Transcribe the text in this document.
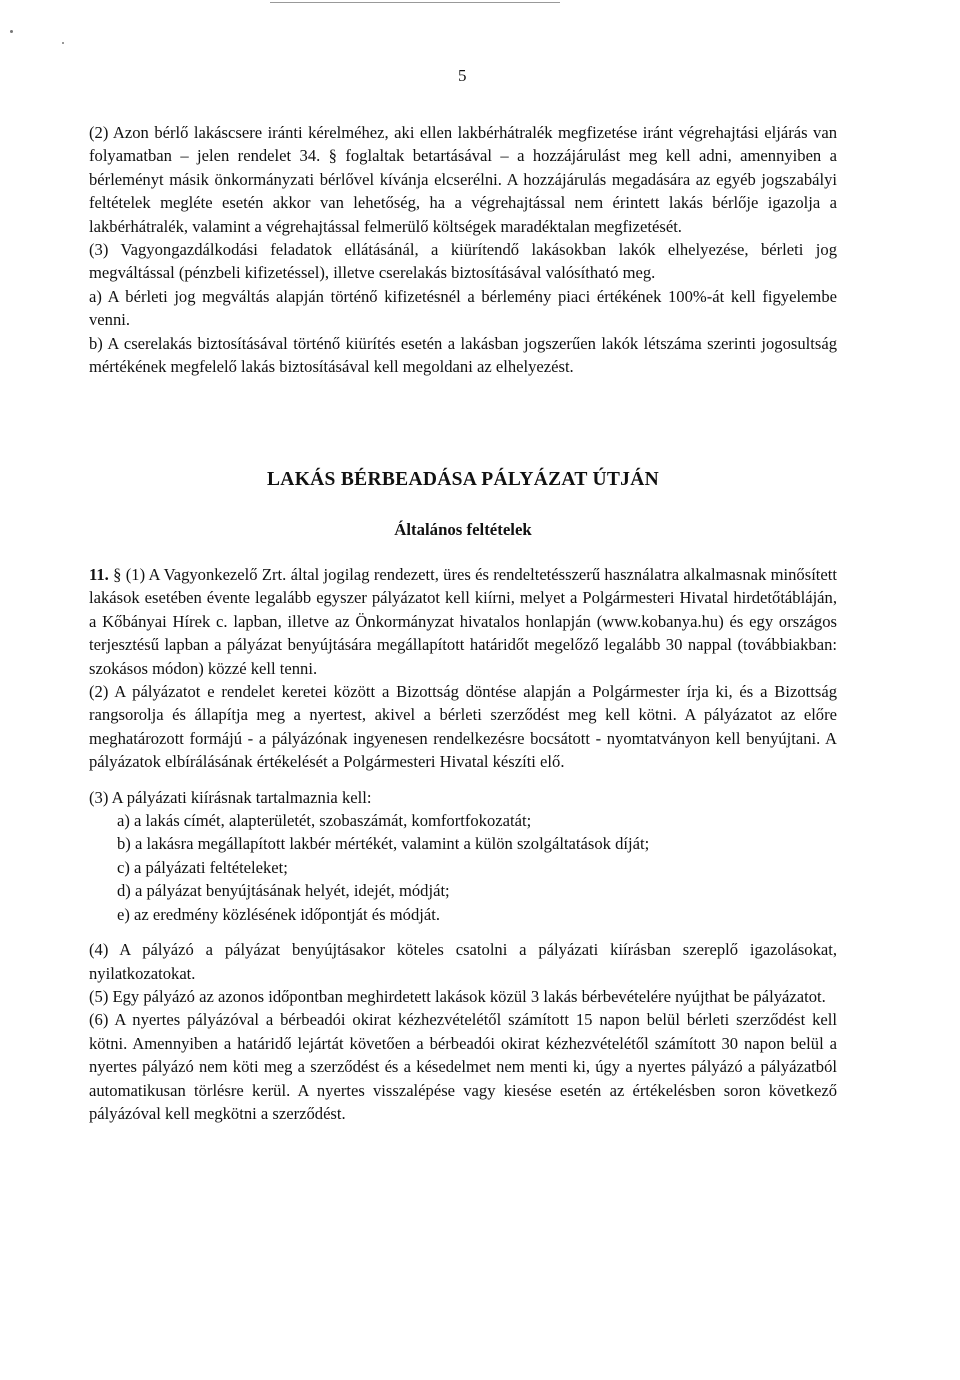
5

(2) Azon bérlő lakáscsere iránti kérelméhez, aki ellen lakbérhátralék megfizetése iránt végrehajtási eljárás van folyamatban – jelen rendelet 34. § foglaltak betartásával – a hozzájárulást meg kell adni, amennyiben a bérleményt másik önkormányzati bérlővel kívánja elcserélni. A hozzájárulás megadására az egyéb jogszabályi feltételek megléte esetén akkor van lehetőség, ha a végrehajtással nem érintett lakás bérlője igazolja a lakbérhátralék, valamint a végrehajtással felmerülő költségek maradéktalan megfizetését.

(3) Vagyongazdálkodási feladatok ellátásánál, a kiürítendő lakásokban lakók elhelyezése, bérleti jog megváltással (pénzbeli kifizetéssel), illetve cserelakás biztosításával valósítható meg.

a) A bérleti jog megváltás alapján történő kifizetésnél a bérlemény piaci értékének 100%-át kell figyelembe venni.

b) A cserelakás biztosításával történő kiürítés esetén a lakásban jogszerűen lakók létszáma szerinti jogosultság mértékének megfelelő lakás biztosításával kell megoldani az elhelyezést.

LAKÁS BÉRBEADÁSA PÁLYÁZAT ÚTJÁN
Általános feltételek

11. § (1) A Vagyonkezelő Zrt. által jogilag rendezett, üres és rendeltetésszerű használatra alkalmasnak minősített lakások esetében évente legalább egyszer pályázatot kell kiírni, melyet a Polgármesteri Hivatal hirdetőtábláján, a Kőbányai Hírek c. lapban, illetve az Önkormányzat hivatalos honlapján (www.kobanya.hu) és egy országos terjesztésű lapban a pályázat benyújtására megállapított határidőt megelőző legalább 30 nappal (továbbiakban: szokásos módon) közzé kell tenni.

(2) A pályázatot e rendelet keretei között a Bizottság döntése alapján a Polgármester írja ki, és a Bizottság rangsorolja és állapítja meg a nyertest, akivel a bérleti szerződést meg kell kötni. A pályázatot az előre meghatározott formájú - a pályázónak ingyenesen rendelkezésre bocsátott - nyomtatványon kell benyújtani. A pályázatok elbírálásának értékelését a Polgármesteri Hivatal készíti elő.

(3) A pályázati kiírásnak tartalmaznia kell:

a) a lakás címét, alapterületét, szobaszámát, komfortfokozatát;
b) a lakásra megállapított lakbér mértékét, valamint a külön szolgáltatások díját;
c) a pályázati feltételeket;
d) a pályázat benyújtásának helyét, idejét, módját;
e) az eredmény közlésének időpontját és módját.

(4) A pályázó a pályázat benyújtásakor köteles csatolni a pályázati kiírásban szereplő igazolásokat, nyilatkozatokat.

(5) Egy pályázó az azonos időpontban meghirdetett lakások közül 3 lakás bérbevételére nyújthat be pályázatot.

(6) A nyertes pályázóval a bérbeadói okirat kézhezvételétől számított 15 napon belül bérleti szerződést kell kötni. Amennyiben a határidő lejártát követően a bérbeadói okirat kézhezvételétől számított 30 napon belül a nyertes pályázó nem köti meg a szerződést és a késedelmet nem menti ki, úgy a nyertes pályázó a pályázatból automatikusan törlésre kerül. A nyertes visszalépése vagy kiesése esetén az értékelésben soron következő pályázóval kell megkötni a szerződést.
